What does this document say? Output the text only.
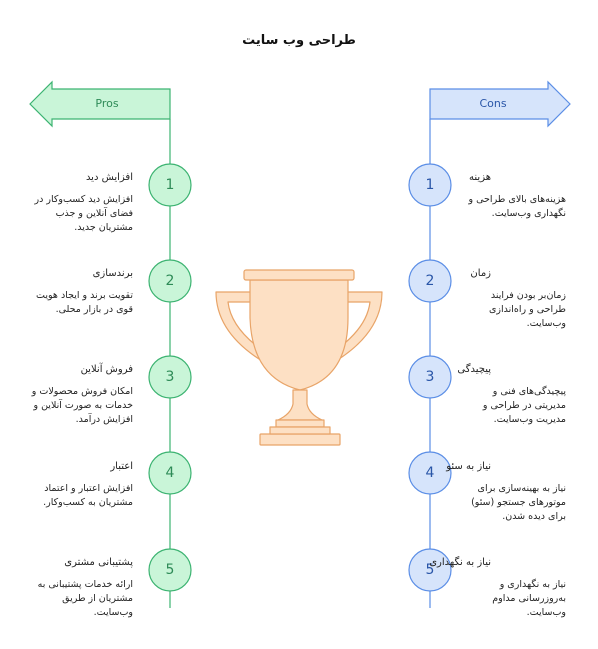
طراحی وب سایت
Pros	Cons
1
2
3
4
5
1
2
3
4
5
افزایش دید
افزایش دید کسب‌وکار در فضای آنلاین و جذب مشتریان جدید.
برندسازی
تقویت برند و ایجاد هویت قوی در بازار محلی.
فروش آنلاین
امکان فروش محصولات و خدمات به صورت آنلاین و افزایش درآمد.
اعتبار
افزایش اعتبار و اعتماد مشتریان به کسب‌وکار.
پشتیبانی مشتری
ارائه خدمات پشتیبانی به مشتریان از طریق وب‌سایت.
هزینه
هزینه‌های بالای طراحی و نگهداری وب‌سایت.
زمان
زمان‌بر بودن فرایند طراحی و راه‌اندازی وب‌سایت.
پیچیدگی
پیچیدگی‌های فنی و مدیریتی در طراحی و مدیریت وب‌سایت.
نیاز به سئو
نیاز به بهینه‌سازی برای موتورهای جستجو (سئو) برای دیده شدن.
نیاز به نگهداری
نیاز به نگهداری و به‌روزرسانی مداوم وب‌سایت.
